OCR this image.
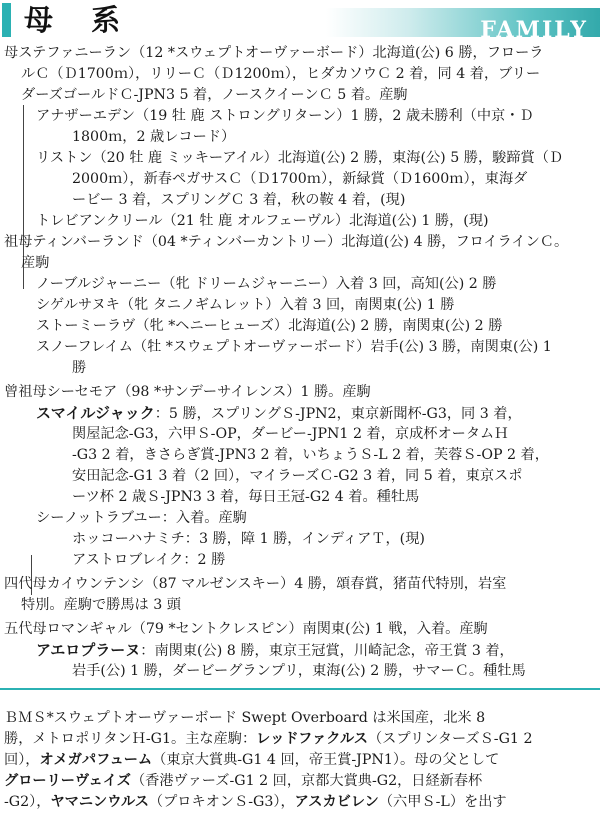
母 系	FAMILY
母ステファニーラン（12 *スウェプトオーヴァーボード）北海道(公) 6 勝，フローラ
ルＣ（Ｄ1700ｍ），リリーＣ（Ｄ1200ｍ），ヒダカソウＣ 2 着，同 4 着，ブリー
ダーズゴールドＣ-JPN3 5 着，ノースクイーンＣ 5 着。産駒
アナザーエデン（19 牡 鹿 ストロングリターン）1 勝，2 歳未勝利（中京・Ｄ
1800ｍ，2 歳レコード）
リストン（20 牡 鹿 ミッキーアイル）北海道(公) 2 勝，東海(公) 5 勝，駿蹄賞（Ｄ
2000ｍ），新春ペガサスＣ（Ｄ1700ｍ），新緑賞（Ｄ1600ｍ），東海ダ
ービー 3 着，スプリングＣ 3 着，秋の鞍 4 着，(現)
トレビアンクリール（21 牡 鹿 オルフェーヴル）北海道(公) 1 勝，(現)
祖母ティンバーランド（04 *ティンバーカントリー）北海道(公) 4 勝，フロイラインＣ。
産駒
ノーブルジャーニー（牝 ドリームジャーニー）入着 3 回，高知(公) 2 勝
シゲルサヌキ（牝 タニノギムレット）入着 3 回，南関東(公) 1 勝
ストーミーラヴ（牝 *ヘニーヒューズ）北海道(公) 2 勝，南関東(公) 2 勝
スノーフレイム（牡 *スウェプトオーヴァーボード）岩手(公) 3 勝，南関東(公) 1
勝
曾祖母シーセモア（98 *サンデーサイレンス）1 勝。産駒
スマイルジャック：5 勝，スプリングＳ-JPN2，東京新聞杯-G3，同 3 着，
関屋記念-G3，六甲Ｓ-OP，ダービー-JPN1 2 着，京成杯オータムＨ
-G3 2 着，きさらぎ賞-JPN3 2 着，いちょうＳ-L 2 着，芙蓉Ｓ-OP 2 着，
安田記念-G1 3 着（2 回），マイラーズＣ-G2 3 着，同 5 着，東京スポ
ーツ杯 2 歳Ｓ-JPN3 3 着，毎日王冠-G2 4 着。種牡馬
シーノットラブユー：入着。産駒
ホッコーハナミチ：3 勝，障 1 勝，インディアＴ，(現)
アストロブレイク：2 勝
四代母カイウンテンシ（87 マルゼンスキー）4 勝，頌春賞，猪苗代特別，岩室
特別。産駒で勝馬は 3 頭
五代母ロマンギャル（79 *セントクレスピン）南関東(公) 1 戦，入着。産駒
アエロプラーヌ：南関東(公) 8 勝，東京王冠賞，川崎記念，帝王賞 3 着，
岩手(公) 1 勝，ダービーグランプリ，東海(公) 2 勝，サマーＣ。種牡馬
ＢＭＳ*スウェプトオーヴァーボード Swept Overboard は米国産，北米 8
勝，メトロポリタンＨ-G1。主な産駒：レッドファクルス（スプリンターズＳ-G1 2
回），オメガパフューム（東京大賞典-G1 4 回，帝王賞-JPN1）。母の父として
グローリーヴェイズ（香港ヴァーズ-G1 2 回，京都大賞典-G2，日経新春杯
-G2），ヤマニンウルス（プロキオンＳ-G3），アスカビレン（六甲Ｓ-L）を出す
